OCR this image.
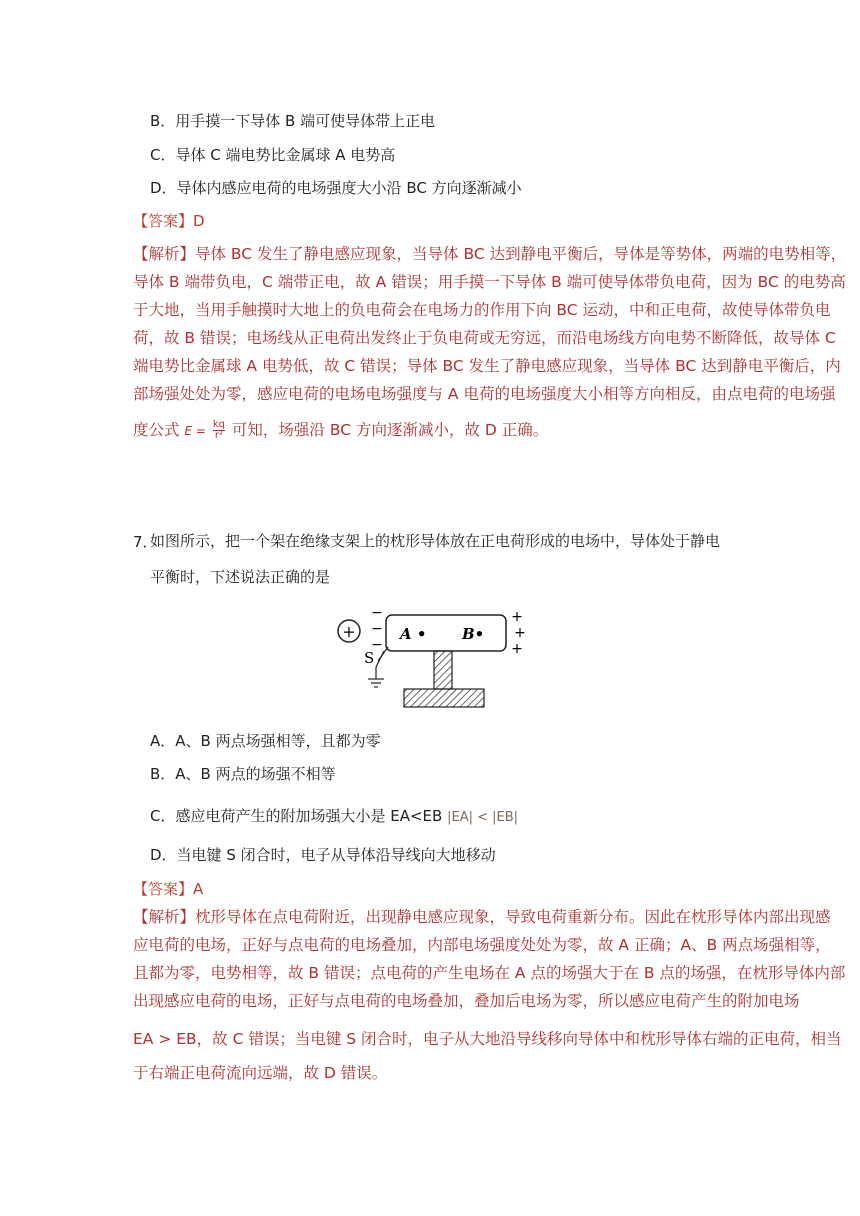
B．用手摸一下导体 B 端可使导体带上正电
C．导体 C 端电势比金属球 A 电势高
D．导体内感应电荷的电场强度大小沿 BC 方向逐渐减小
【答案】D

【解析】导体 BC 发生了静电感应现象，当导体 BC 达到静电平衡后，导体是等势体，两端的电势相等，

导体 B 端带负电，C 端带正电，故 A 错误；用手摸一下导体 B 端可使导体带负电荷，因为 BC 的电势高

于大地，当用手触摸时大地上的负电荷会在电场力的作用下向 BC 运动，中和正电荷，故使导体带负电

荷，故 B 错误；电场线从正电荷出发终止于负电荷或无穷远，而沿电场线方向电势不断降低，故导体 C

端电势比金属球 A 电势低，故 C 错误；导体 BC 发生了静电感应现象，当导体 BC 达到静电平衡后，内

部场强处处为零，感应电荷的电场电场强度与 A 电荷的电场强度大小相等方向相反，由点电荷的电场强

度公式 $E = \frac{kq}{\text{r²}}$ 可知，场强沿 BC 方向逐渐减小，故 D 正确。

7．
如图所示，把一个架在绝缘支架上的枕形导体放在正电荷形成的电场中，导体处于静电
平衡时，下述说法正确的是
+
−
−
−
A • B•
+
+
+
S
A．A、B 两点场强相等，且都为零
B．A、B 两点的场强不相等
C．感应电荷产生的附加场强大小是 EA<EB |EA| < |EB|
D．当电键 S 闭合时，电子从导体沿导线向大地移动
【答案】A

【解析】枕形导体在点电荷附近，出现静电感应现象，导致电荷重新分布。因此在枕形导体内部出现感

应电荷的电场，正好与点电荷的电场叠加，内部电场强度处处为零，故 A 正确；A、B 两点场强相等，

且都为零，电势相等，故 B 错误；点电荷的产生电场在 A 点的场强大于在 B 点的场强，在枕形导体内部

出现感应电荷的电场，正好与点电荷的电场叠加，叠加后电场为零，所以感应电荷产生的附加电场

EA > EB，故 C 错误；当电键 S 闭合时，电子从大地沿导线移向导体中和枕形导体右端的正电荷，相当

于右端正电荷流向远端，故 D 错误。
